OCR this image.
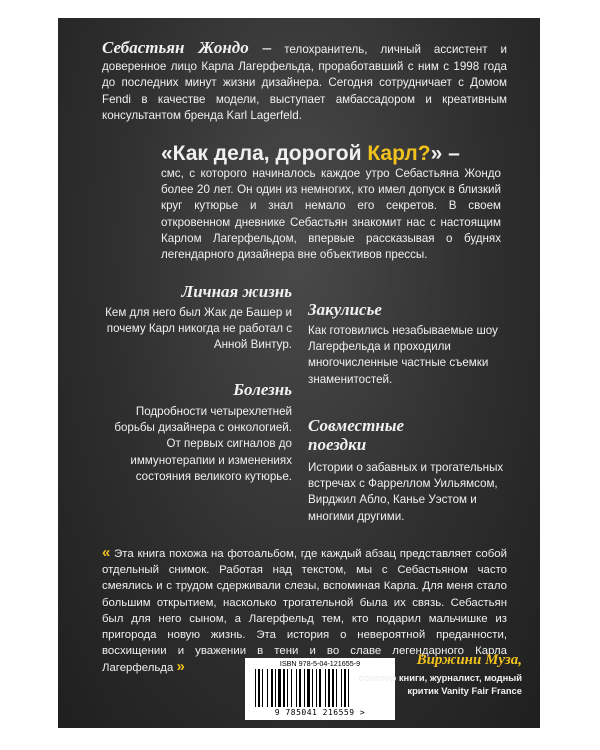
Себастьян Жондо – телохранитель, личный ассистент и доверенное лицо Карла Лагерфельда, проработавший с ним с 1998 года до последних минут жизни дизайнера. Сегодня сотрудничает с Домом Fendi в качестве модели, выступает амбассадором и креативным консультантом бренда Karl Lagerfeld.
«Как дела, дорогой Карл?» –
смс, с которого начиналось каждое утро Себастьяна Жондо более 20 лет. Он один из немногих, кто имел допуск в близкий круг кутюрье и знал немало его секретов. В своем откровенном дневнике Себастьян знакомит нас с настоящим Карлом Лагерфельдом, впервые рассказывая о буднях легендарного дизайнера вне объективов прессы.
Личная жизнь
Кем для него был Жак де Башер и почему Карл никогда не работал с Анной Винтур.
Закулисье
Как готовились незабываемые шоу Лагерфельда и проходили многочисленные частные съемки знаменитостей.
Болезнь
Подробности четырехлетней борьбы дизайнера с онкологией. От первых сигналов до иммунотерапии и изменениях состояния великого кутюрье.
Совместные
поездки
Истории о забавных и трогательных встречах с Фарреллом Уильямсом, Вирджил Абло, Канье Уэстом и многими другими.
« Эта книга похожа на фотоальбом, где каждый абзац представляет собой отдельный снимок. Работая над текстом, мы с Себастьяном часто смеялись и с трудом сдерживали слезы, вспоминая Карла. Для меня стало большим открытием, насколько трогательной была их связь. Себастьян был для него сыном, а Лагерфельд тем, кто подарил мальчишке из пригорода новую жизнь. Эта история о невероятной преданности, восхищении и уважении в тени и во славе легендарного Карла Лагерфельда »	ISBN 978-5-04-121655-9
9 785041 216559 >
Виржини Муза,
соавтор книги, журналист, модный критик Vanity Fair France
